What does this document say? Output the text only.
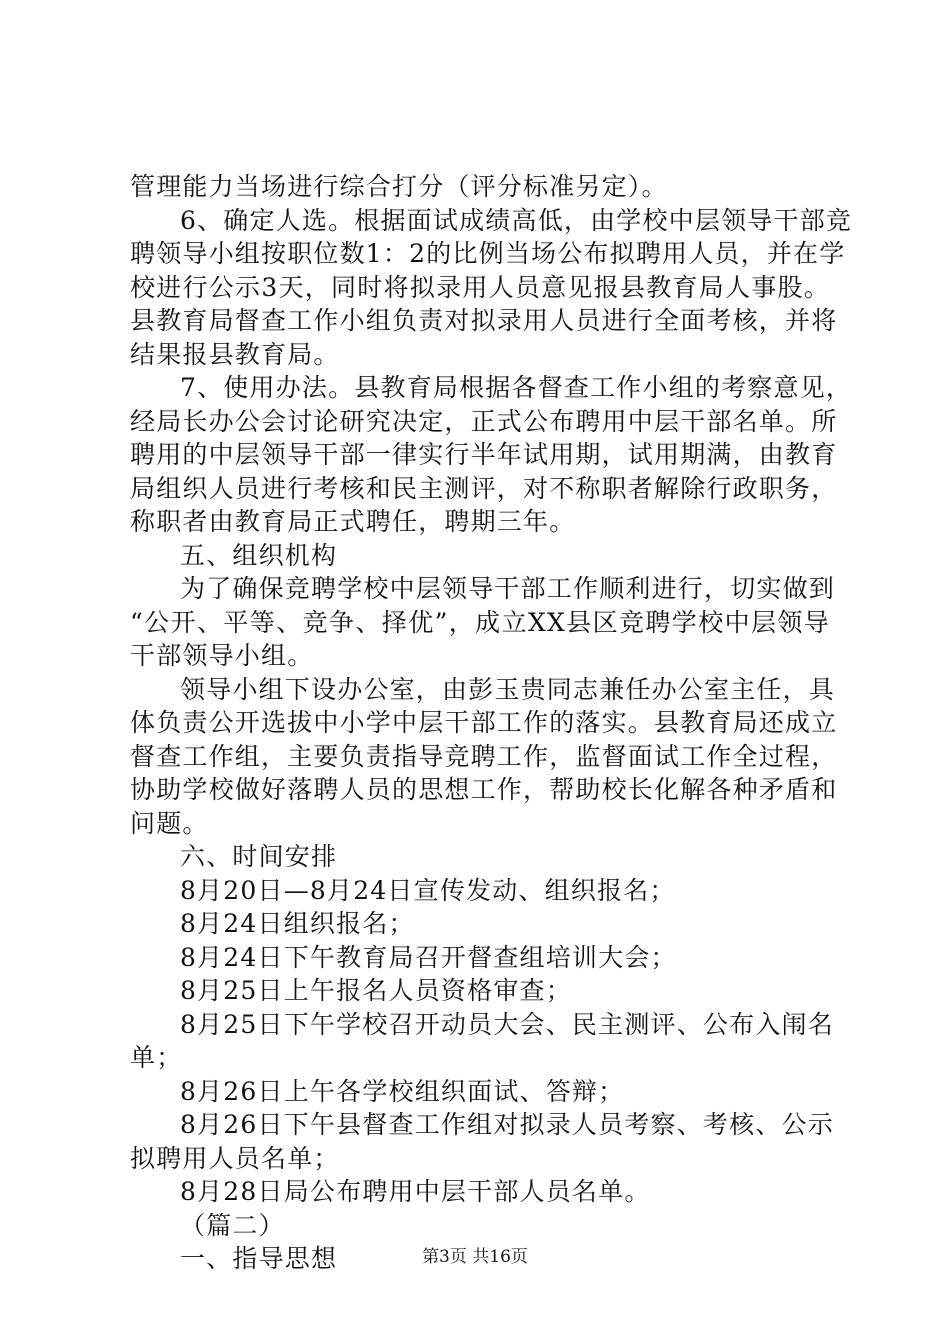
管理能力当场进行综合打分（评分标准另定）。
6、确定人选。根据面试成绩高低，由学校中层领导干部竞
聘领导小组按职位数1：2的比例当场公布拟聘用人员，并在学
校进行公示3天，同时将拟录用人员意见报县教育局人事股。
县教育局督查工作小组负责对拟录用人员进行全面考核，并将
结果报县教育局。
7、使用办法。县教育局根据各督查工作小组的考察意见，
经局长办公会讨论研究决定，正式公布聘用中层干部名单。所
聘用的中层领导干部一律实行半年试用期，试用期满，由教育
局组织人员进行考核和民主测评，对不称职者解除行政职务，
称职者由教育局正式聘任，聘期三年。
五、组织机构
为了确保竞聘学校中层领导干部工作顺利进行，切实做到
“公开、平等、竞争、择优”，成立XX县区竞聘学校中层领导
干部领导小组。
领导小组下设办公室，由彭玉贵同志兼任办公室主任，具
体负责公开选拔中小学中层干部工作的落实。县教育局还成立
督查工作组，主要负责指导竞聘工作，监督面试工作全过程，
协助学校做好落聘人员的思想工作，帮助校长化解各种矛盾和
问题。
六、时间安排
8月20日—8月24日宣传发动、组织报名；
8月24日组织报名；
8月24日下午教育局召开督查组培训大会；
8月25日上午报名人员资格审查；
8月25日下午学校召开动员大会、民主测评、公布入闱名
单；
8月26日上午各学校组织面试、答辩；
8月26日下午县督查工作组对拟录人员考察、考核、公示
拟聘用人员名单；
8月28日局公布聘用中层干部人员名单。
（篇二）
一、指导思想	第3页 共16页
